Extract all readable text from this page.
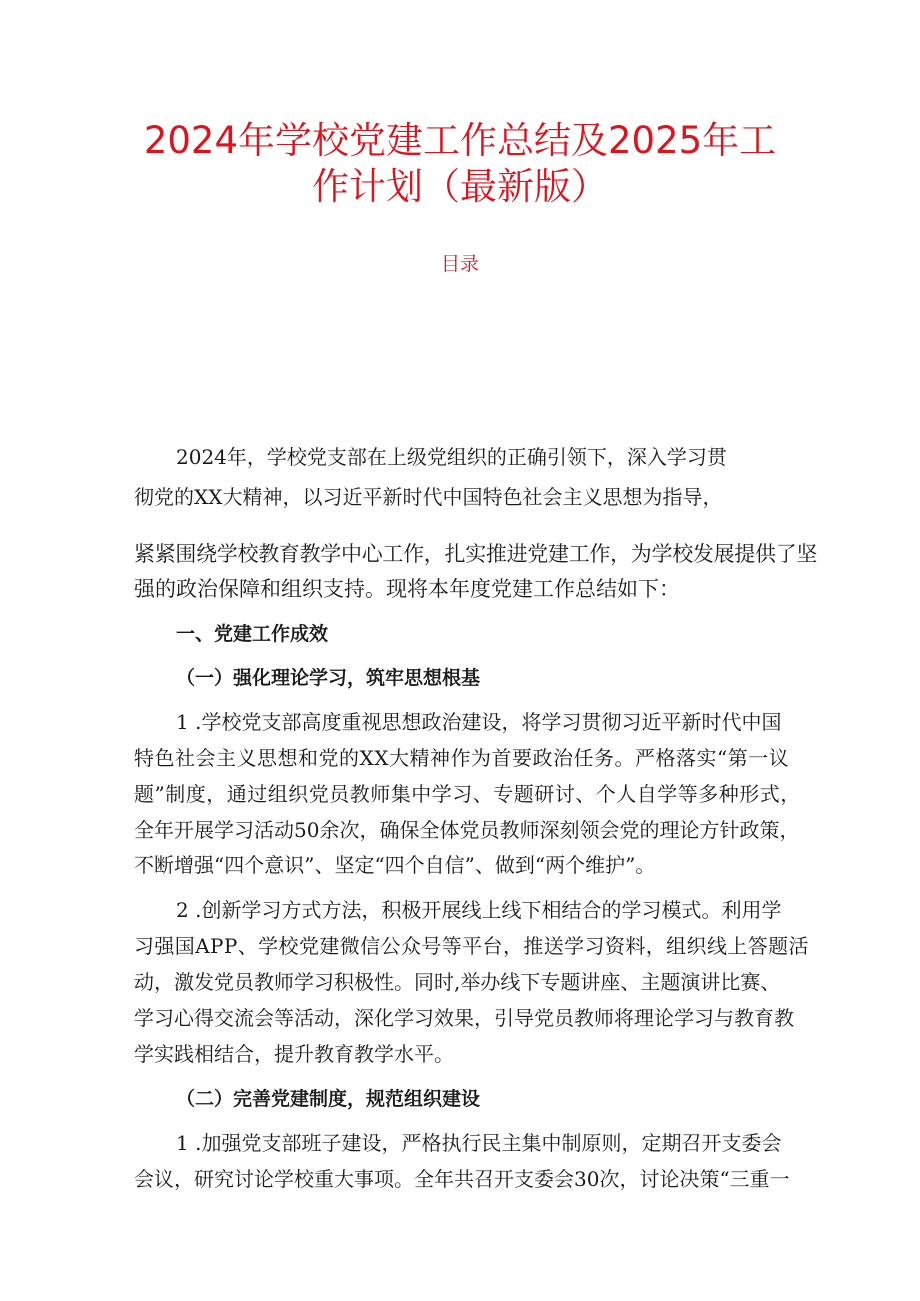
2024年学校党建工作总结及2025年工
作计划（最新版）
目录
2024年，学校党支部在上级党组织的正确引领下，深入学习贯
彻党的XX大精神，以习近平新时代中国特色社会主义思想为指导，
紧紧围绕学校教育教学中心工作，扎实推进党建工作，为学校发展提供了坚
强的政治保障和组织支持。现将本年度党建工作总结如下：
一、党建工作成效
（一）强化理论学习，筑牢思想根基
1 .学校党支部高度重视思想政治建设，将学习贯彻习近平新时代中国
特色社会主义思想和党的XX大精神作为首要政治任务。严格落实“第一议
题”制度，通过组织党员教师集中学习、专题研讨、个人自学等多种形式，
全年开展学习活动50余次，确保全体党员教师深刻领会党的理论方针政策，
不断增强“四个意识”、坚定“四个自信”、做到“两个维护”。
2 .创新学习方式方法，积极开展线上线下相结合的学习模式。利用学
习强国APP、学校党建微信公众号等平台，推送学习资料，组织线上答题活
动，激发党员教师学习积极性。同时,举办线下专题讲座、主题演讲比赛、
学习心得交流会等活动，深化学习效果，引导党员教师将理论学习与教育教
学实践相结合，提升教育教学水平。
（二）完善党建制度，规范组织建设
1 .加强党支部班子建设，严格执行民主集中制原则，定期召开支委会
会议，研究讨论学校重大事项。全年共召开支委会30次，讨论决策“三重一
